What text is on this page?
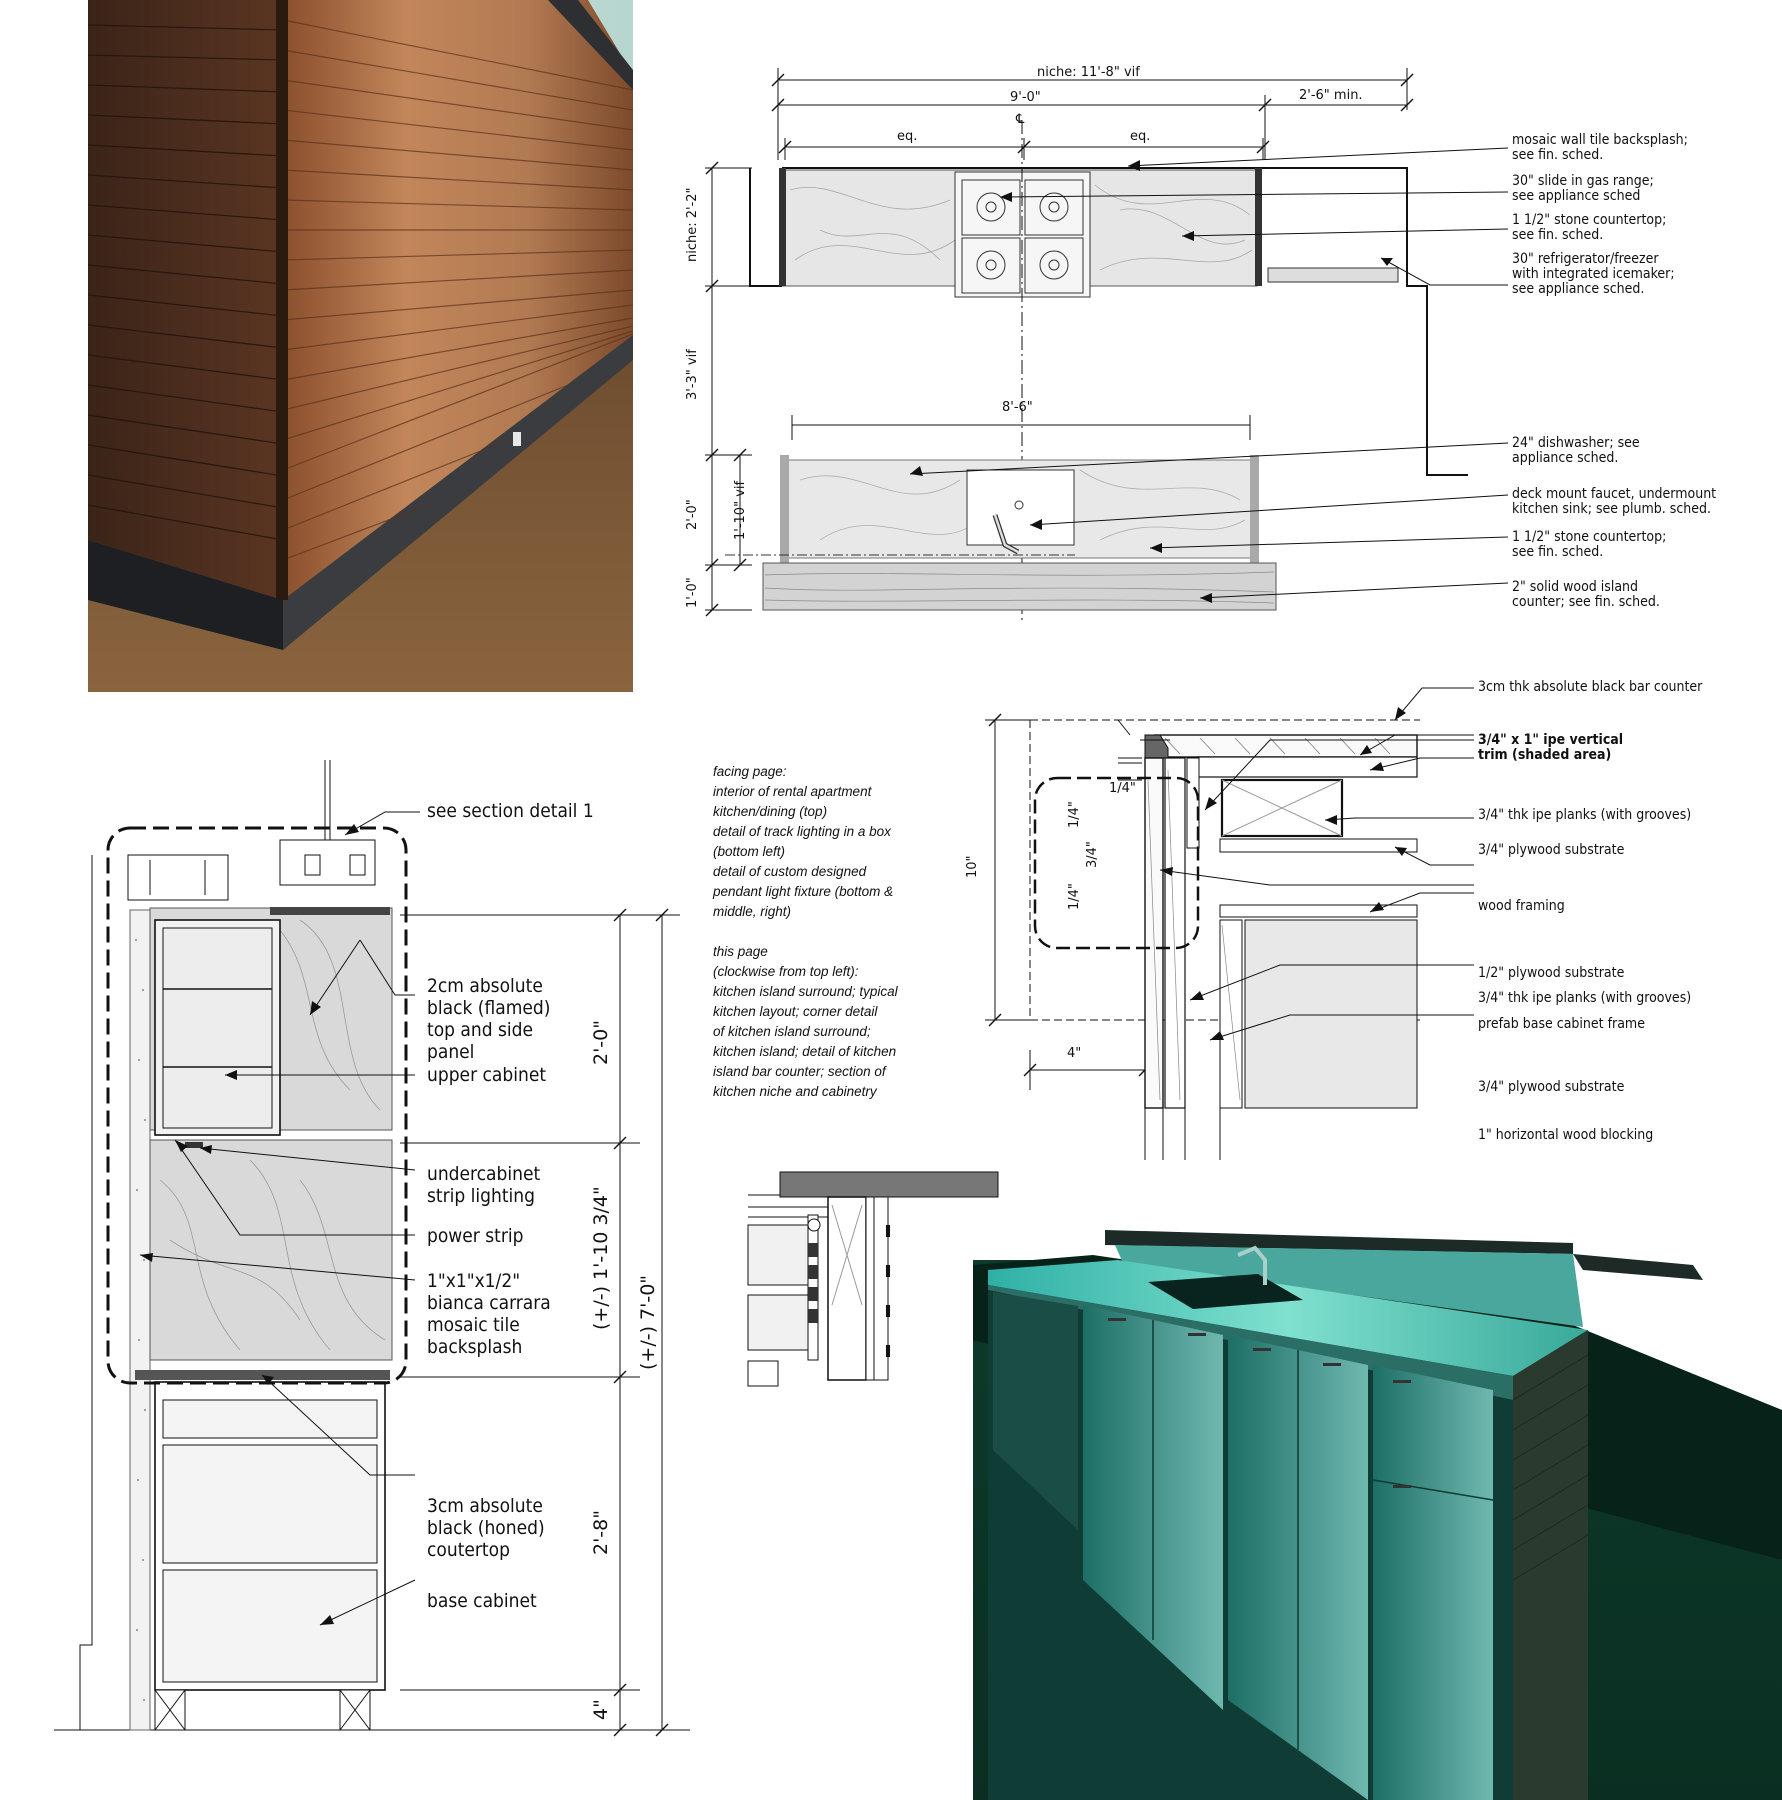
niche: 11'-8" vif
9'-0"	2'-6" min.
eq.	eq.
℄
niche: 2'-2"
3'-3" vif
8'-6"
2'-0"	1'-10" vif
1'-0"
mosaic wall tile backsplash;
see fin. sched.
30" slide in gas range;
see appliance sched
1 1/2" stone countertop;
see fin. sched.
30" refrigerator/freezer
with integrated icemaker;
see appliance sched.
24" dishwasher; see
appliance sched.
deck mount faucet, undermount
kitchen sink; see plumb. sched.
1 1/2" stone countertop;
see fin. sched.
2" solid wood island
counter; see fin. sched.
see section detail 1
2cm absolute
black (flamed)
top and side
panel
upper cabinet
undercabinet
strip lighting
power strip
1"x1"x1/2"
bianca carrara
mosaic tile
backsplash
3cm absolute
black (honed)
coutertop
base cabinet
2'-0"
(+/-) 1'-10 3/4" (+/-) 7'-0"
2'-8"
4"
facing page:
interior of rental apartment
kitchen/dining (top)
detail of track lighting in a box
(bottom left)
detail of custom designed
pendant light fixture (bottom &
middle, right)
this page
(clockwise from top left):
kitchen island surround; typical
kitchen layout; corner detail
of kitchen island surround;
kitchen island; detail of kitchen
island bar counter; section of
kitchen niche and cabinetry
1/4"
1/4"
3/4"
1/4"
10"
4"
3cm thk absolute black bar counter
3/4" x 1" ipe vertical
trim (shaded area)
3/4" thk ipe planks (with grooves)
3/4" plywood substrate
wood framing
1/2" plywood substrate
3/4" thk ipe planks (with grooves)
prefab base cabinet frame
3/4" plywood substrate
1" horizontal wood blocking
